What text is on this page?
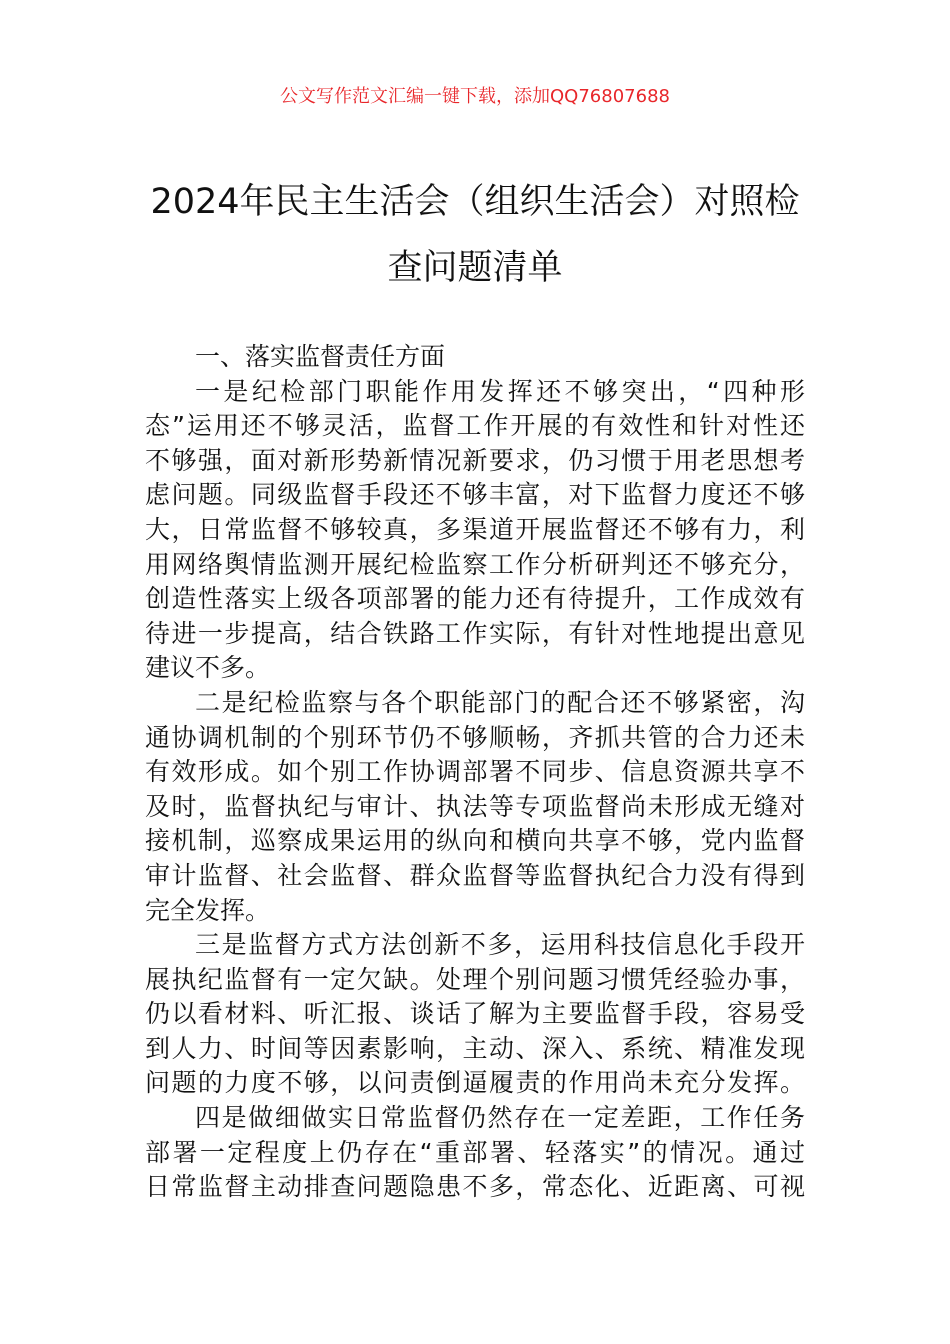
公文写作范文汇编一键下载，添加QQ76807688
2024年民主生活会（组织生活会）对照检
查问题清单
一、落实监督责任方面
一是纪检部门职能作用发挥还不够突出，“四种形
态”运用还不够灵活，监督工作开展的有效性和针对性还
不够强，面对新形势新情况新要求，仍习惯于用老思想考
虑问题。同级监督手段还不够丰富，对下监督力度还不够
大，日常监督不够较真，多渠道开展监督还不够有力，利
用网络舆情监测开展纪检监察工作分析研判还不够充分，
创造性落实上级各项部署的能力还有待提升，工作成效有
待进一步提高，结合铁路工作实际，有针对性地提出意见
建议不多。
二是纪检监察与各个职能部门的配合还不够紧密，沟
通协调机制的个别环节仍不够顺畅，齐抓共管的合力还未
有效形成。如个别工作协调部署不同步、信息资源共享不
及时，监督执纪与审计、执法等专项监督尚未形成无缝对
接机制，巡察成果运用的纵向和横向共享不够，党内监督
审计监督、社会监督、群众监督等监督执纪合力没有得到
完全发挥。
三是监督方式方法创新不多，运用科技信息化手段开
展执纪监督有一定欠缺。处理个别问题习惯凭经验办事，
仍以看材料、听汇报、谈话了解为主要监督手段，容易受
到人力、时间等因素影响，主动、深入、系统、精准发现
问题的力度不够，以问责倒逼履责的作用尚未充分发挥。
四是做细做实日常监督仍然存在一定差距，工作任务
部署一定程度上仍存在“重部署、轻落实”的情况。通过
日常监督主动排查问题隐患不多，常态化、近距离、可视
